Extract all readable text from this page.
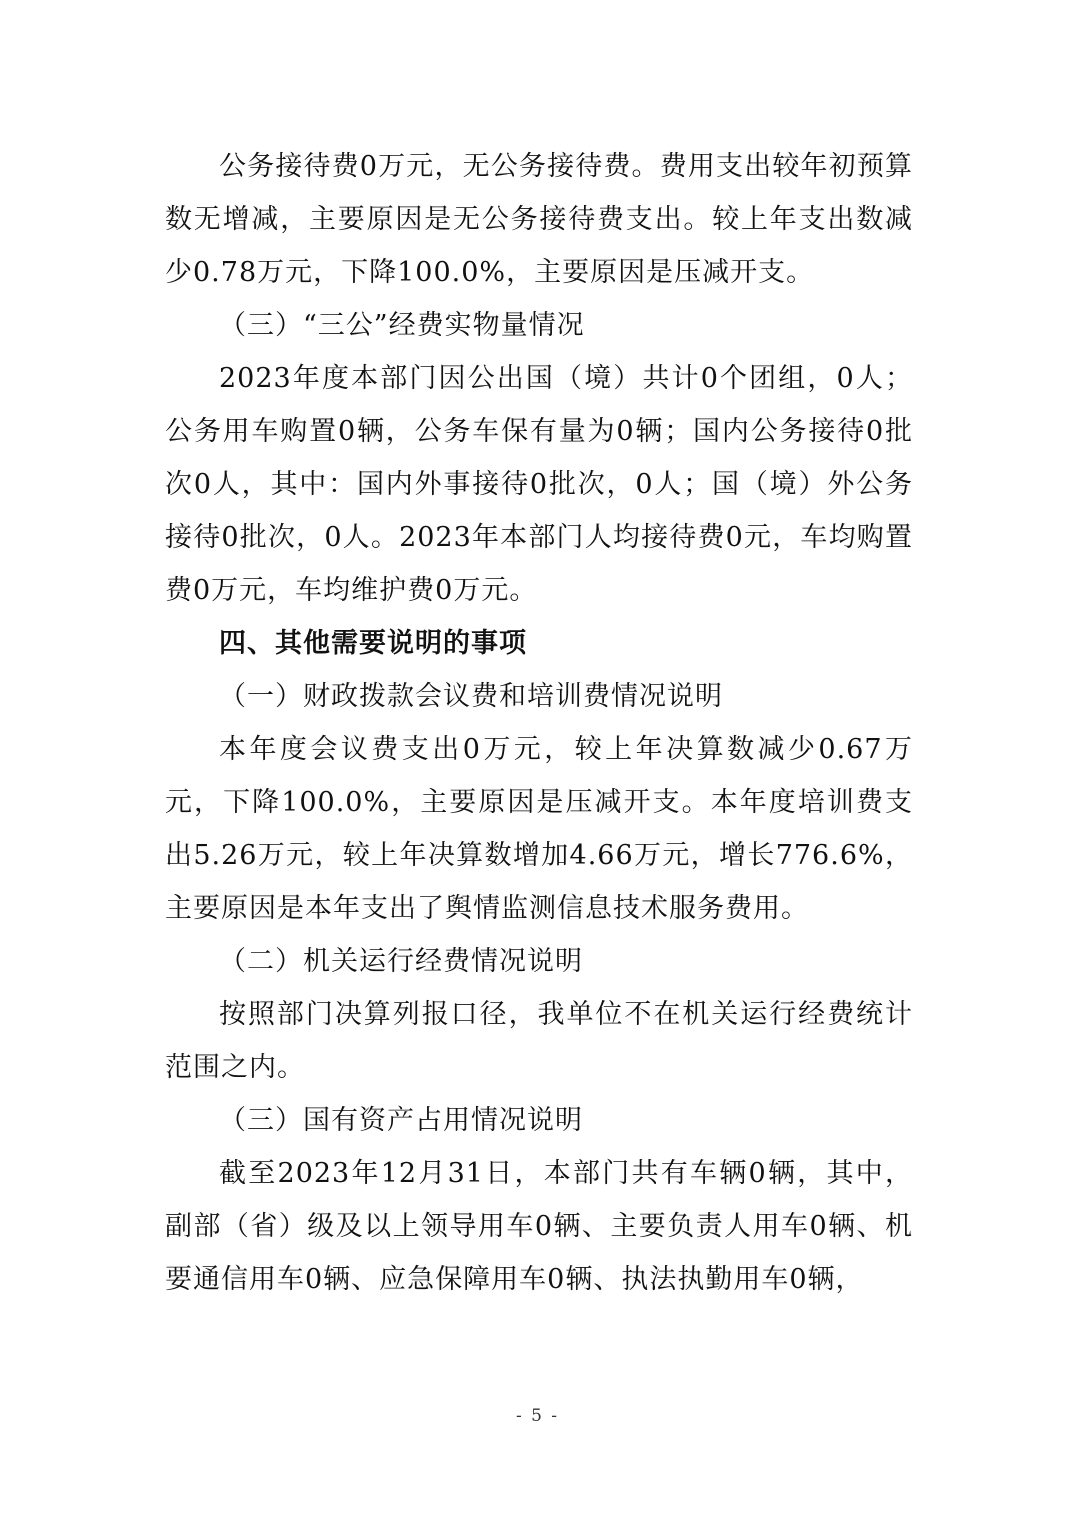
公务接待费0万元，无公务接待费。费用支出较年初预算数无增减，主要原因是无公务接待费支出。较上年支出数减少0.78万元，下降100.0%，主要原因是压减开支。

（三）“三公”经费实物量情况

2023年度本部门因公出国（境）共计0个团组，0人；公务用车购置0辆，公务车保有量为0辆；国内公务接待0批次0人，其中：国内外事接待0批次，0人；国（境）外公务接待0批次，0人。2023年本部门人均接待费0元，车均购置费0万元，车均维护费0万元。

四、其他需要说明的事项

（一）财政拨款会议费和培训费情况说明

本年度会议费支出0万元，较上年决算数减少0.67万元，下降100.0%，主要原因是压减开支。本年度培训费支出5.26万元，较上年决算数增加4.66万元，增长776.6%，主要原因是本年支出了舆情监测信息技术服务费用。

（二）机关运行经费情况说明

按照部门决算列报口径，我单位不在机关运行经费统计范围之内。

（三）国有资产占用情况说明

截至2023年12月31日，本部门共有车辆0辆，其中，副部（省）级及以上领导用车0辆、主要负责人用车0辆、机要通信用车0辆、应急保障用车0辆、执法执勤用车0辆，

- 5 -
